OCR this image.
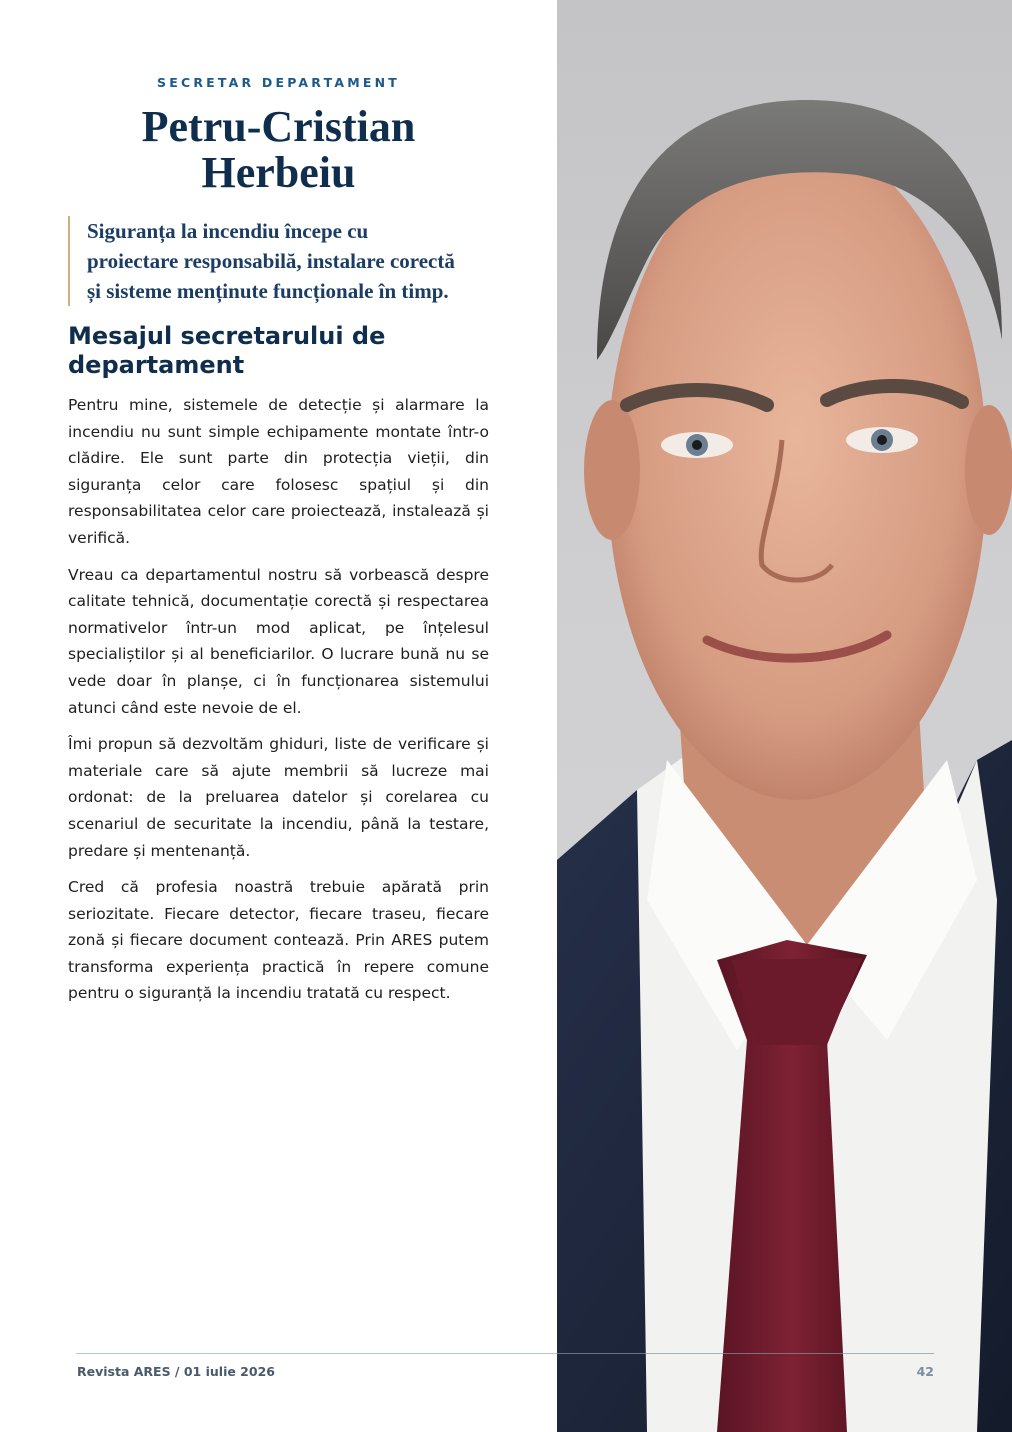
SECRETAR DEPARTAMENT
Petru-Cristian
Herbeiu
Siguranța la incendiu începe cu
proiectare responsabilă, instalare corectă
și sisteme menținute funcționale în timp.
Mesajul secretarului de
departament

Pentru mine, sistemele de detecție și alarmare la incendiu nu sunt simple echipamente montate într-o clădire. Ele sunt parte din protecția vieții, din siguranța celor care folosesc spațiul și din responsabilitatea celor care proiectează, instalează și verifică.

Vreau ca departamentul nostru să vorbească despre calitate tehnică, documentație corectă și respectarea normativelor într-un mod aplicat, pe înțelesul specialiștilor și al beneficiarilor. O lucrare bună nu se vede doar în planșe, ci în funcționarea sistemului atunci când este nevoie de el.

Îmi propun să dezvoltăm ghiduri, liste de verificare și materiale care să ajute membrii să lucreze mai ordonat: de la preluarea datelor și corelarea cu scenariul de securitate la incendiu, până la testare, predare și mentenanță.

Cred că profesia noastră trebuie apărată prin seriozitate. Fiecare detector, fiecare traseu, fiecare zonă și fiecare document contează. Prin ARES putem transforma experiența practică în repere comune pentru o siguranță la incendiu tratată cu respect.

Revista ARES / 01 iulie 2026	42
